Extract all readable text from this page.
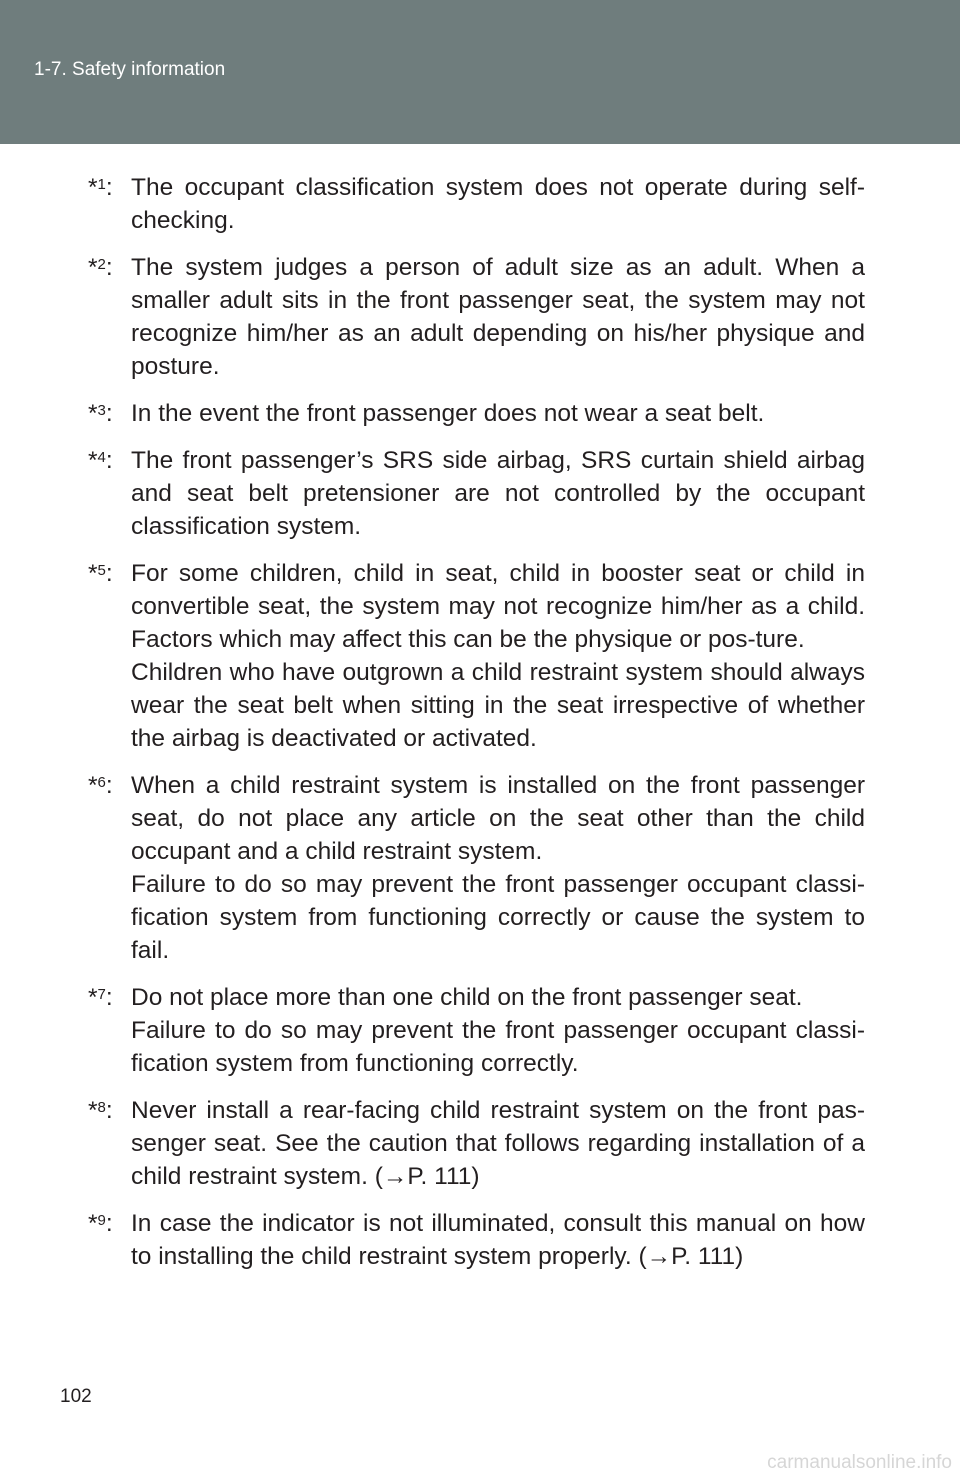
1-7. Safety information
*$^1$: The occupant classification system does not operate during self-checking.

*$^2$: The system judges a person of adult size as an adult. When a smaller adult sits in the front passenger seat, the system may not recognize him/her as an adult depending on his/her physique and posture.

*$^3$: In the event the front passenger does not wear a seat belt.

*$^4$: The front passenger’s SRS side airbag, SRS curtain shield airbag and seat belt pretensioner are not controlled by the occupant classification system.

*$^5$: For some children, child in seat, child in booster seat or child in convertible seat, the system may not recognize him/her as a child. Factors which may affect this can be the physique or pos-ture.

Children who have outgrown a child restraint system should always wear the seat belt when sitting in the seat irrespective of whether the airbag is deactivated or activated.

*$^6$: When a child restraint system is installed on the front passenger seat, do not place any article on the seat other than the child occupant and a child restraint system.

Failure to do so may prevent the front passenger occupant classi-fication system from functioning correctly or cause the system to fail.

*$^7$: Do not place more than one child on the front passenger seat.

Failure to do so may prevent the front passenger occupant classi-fication system from functioning correctly.

*$^8$: Never install a rear-facing child restraint system on the front pas-senger seat. See the caution that follows regarding installation of a child restraint system. (→P. 111)

*$^9$: In case the indicator is not illuminated, consult this manual on how to installing the child restraint system properly. (→P. 111)

102
carmanualsonline.info
